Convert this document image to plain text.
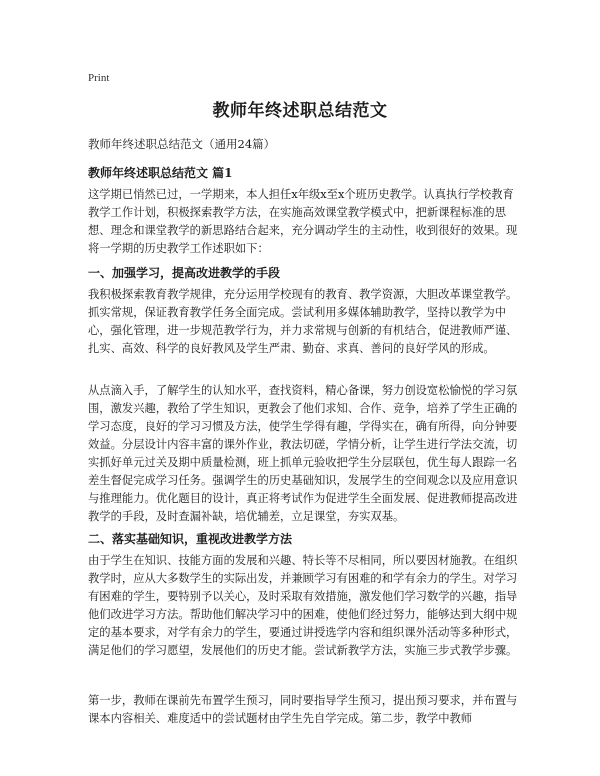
Print
教师年终述职总结范文
教师年终述职总结范文（通用24篇）
教师年终述职总结范文 篇1
这学期已悄然已过，一学期来，本人担任x年级x至x个班历史教学。认真执行学校教育教学工作计划，积极探索教学方法，在实施高效课堂教学模式中，把新课程标准的思想、理念和课堂教学的新思路结合起来，充分调动学生的主动性，收到很好的效果。现将一学期的历史教学工作述职如下：
一、加强学习，提高改进教学的手段
我积极探索教育教学规律，充分运用学校现有的教育、教学资源，大胆改革课堂教学。抓实常规，保证教育教学任务全面完成。尝试利用多媒体辅助教学，坚持以教学为中心，强化管理，进一步规范教学行为，并力求常规与创新的有机结合，促进教师严谨、扎实、高效、科学的良好教风及学生严肃、勤奋、求真、善问的良好学风的形成。
从点滴入手，了解学生的认知水平，查找资料，精心备课，努力创设宽松愉悦的学习氛围，激发兴趣，教给了学生知识，更教会了他们求知、合作、竞争，培养了学生正确的学习态度，良好的学习习惯及方法，使学生学得有趣，学得实在，确有所得，向分钟要效益。分层设计内容丰富的课外作业，教法切磋，学情分析，让学生进行学法交流，切实抓好单元过关及期中质量检测，班上抓单元验收把学生分层联包，优生每人跟踪一名差生督促完成学习任务。强调学生的历史基础知识，发展学生的空间观念以及应用意识与推理能力。优化题目的设计，真正将考试作为促进学生全面发展、促进教师提高改进教学的手段，及时查漏补缺，培优辅差，立足课堂，夯实双基。
二、落实基础知识，重视改进教学方法
由于学生在知识、技能方面的发展和兴趣、特长等不尽相同，所以要因材施教。在组织教学时，应从大多数学生的实际出发，并兼顾学习有困难的和学有余力的学生。对学习有困难的学生，要特别予以关心，及时采取有效措施，激发他们学习数学的兴趣，指导他们改进学习方法。帮助他们解决学习中的困难，使他们经过努力，能够达到大纲中规定的基本要求，对学有余力的学生，要通过讲授选学内容和组织课外活动等多种形式，满足他们的学习愿望，发展他们的历史才能。尝试新教学方法，实施三步式教学步骤。
第一步，教师在课前先布置学生预习，同时要指导学生预习，提出预习要求，并布置与课本内容相关、难度适中的尝试题材由学生先自学完成。第二步，教学中教师
